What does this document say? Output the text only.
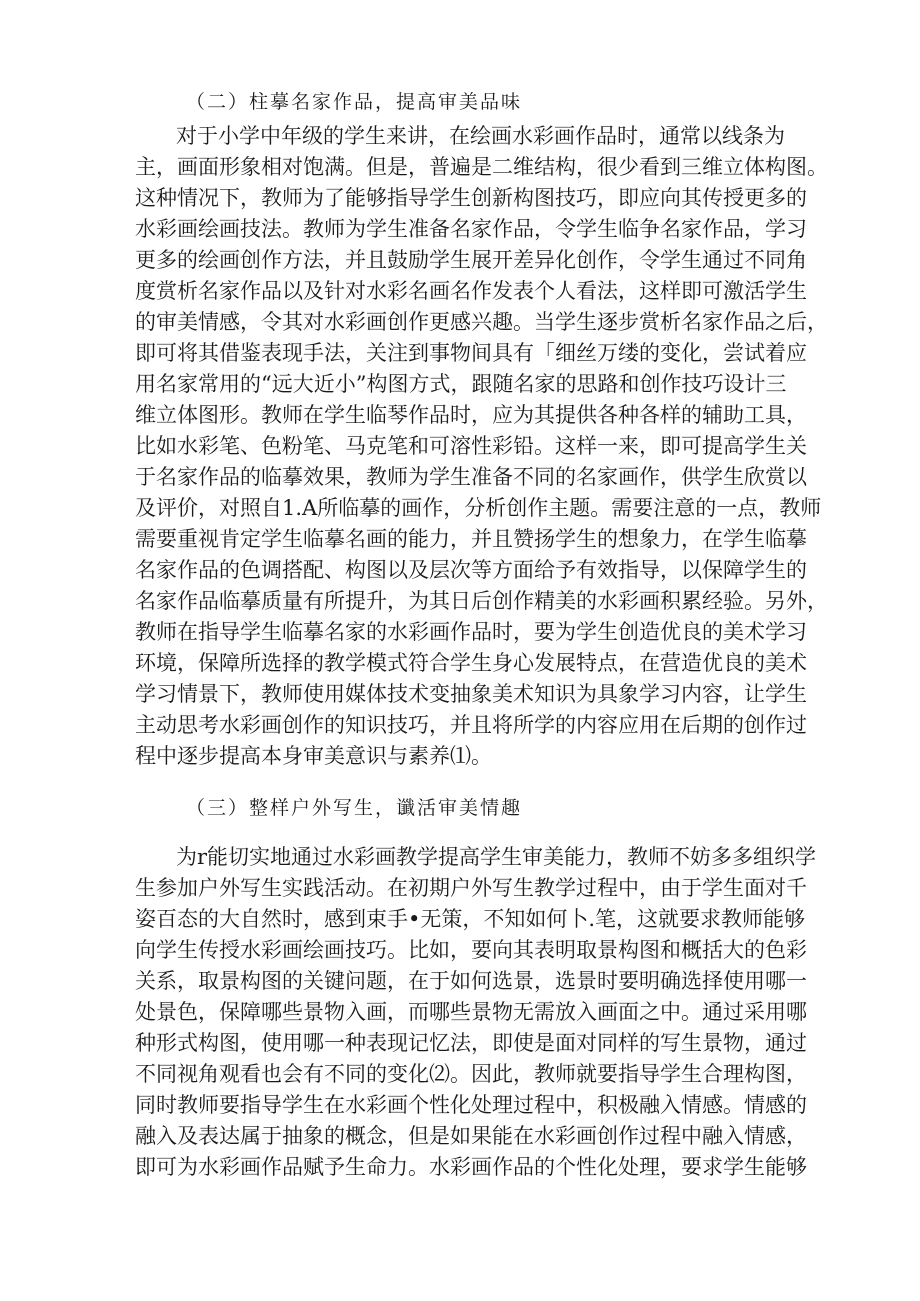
（二）柱摹名家作品，提高审美品味
对于小学中年级的学生来讲，在绘画水彩画作品时，通常以线条为
主，画面形象相对饱满。但是，普遍是二维结构，很少看到三维立体构图。
这种情况下，教师为了能够指导学生创新构图技巧，即应向其传授更多的
水彩画绘画技法。教师为学生准备名家作品，令学生临争名家作品，学习
更多的绘画创作方法，并且鼓励学生展开差异化创作，令学生通过不同角
度赏析名家作品以及针对水彩名画名作发表个人看法，这样即可激活学生
的审美情感，令其对水彩画创作更感兴趣。当学生逐步赏析名家作品之后，
即可将其借鉴表现手法，关注到事物间具有「细丝万缕的变化，尝试着应
用名家常用的“远大近小”构图方式，跟随名家的思路和创作技巧设计三
维立体图形。教师在学生临琴作品时，应为其提供各种各样的辅助工具，
比如水彩笔、色粉笔、马克笔和可溶性彩铅。这样一来，即可提高学生关
于名家作品的临摹效果，教师为学生准备不同的名家画作，供学生欣赏以
及评价，对照自1.A所临摹的画作，分析创作主题。需要注意的一点，教师
需要重视肯定学生临摹名画的能力，并且赞扬学生的想象力，在学生临摹
名家作品的色调搭配、构图以及层次等方面给予有效指导，以保障学生的
名家作品临摹质量有所提升，为其日后创作精美的水彩画积累经验。另外，
教师在指导学生临摹名家的水彩画作品时，要为学生创造优良的美术学习
环境，保障所选择的教学模式符合学生身心发展特点，在营造优良的美术
学习情景下，教师使用媒体技术变抽象美术知识为具象学习内容，让学生
主动思考水彩画创作的知识技巧，并且将所学的内容应用在后期的创作过
程中逐步提高本身审美意识与素养⑴。
（三）整样户外写生，谶活审美情趣
为r能切实地通过水彩画教学提高学生审美能力，教师不妨多多组织学
生参加户外写生实践活动。在初期户外写生教学过程中，由于学生面对千
姿百态的大自然时，感到束手•无策，不知如何卜.笔，这就要求教师能够
向学生传授水彩画绘画技巧。比如，要向其表明取景构图和概括大的色彩
关系，取景构图的关键问题，在于如何选景，选景时要明确选择使用哪一
处景色，保障哪些景物入画，而哪些景物无需放入画面之中。通过采用哪
种形式构图，使用哪一种表现记忆法，即使是面对同样的写生景物，通过
不同视角观看也会有不同的变化⑵。因此，教师就要指导学生合理构图，
同时教师要指导学生在水彩画个性化处理过程中，积极融入情感。情感的
融入及表达属于抽象的概念，但是如果能在水彩画创作过程中融入情感，
即可为水彩画作品赋予生命力。水彩画作品的个性化处理，要求学生能够
